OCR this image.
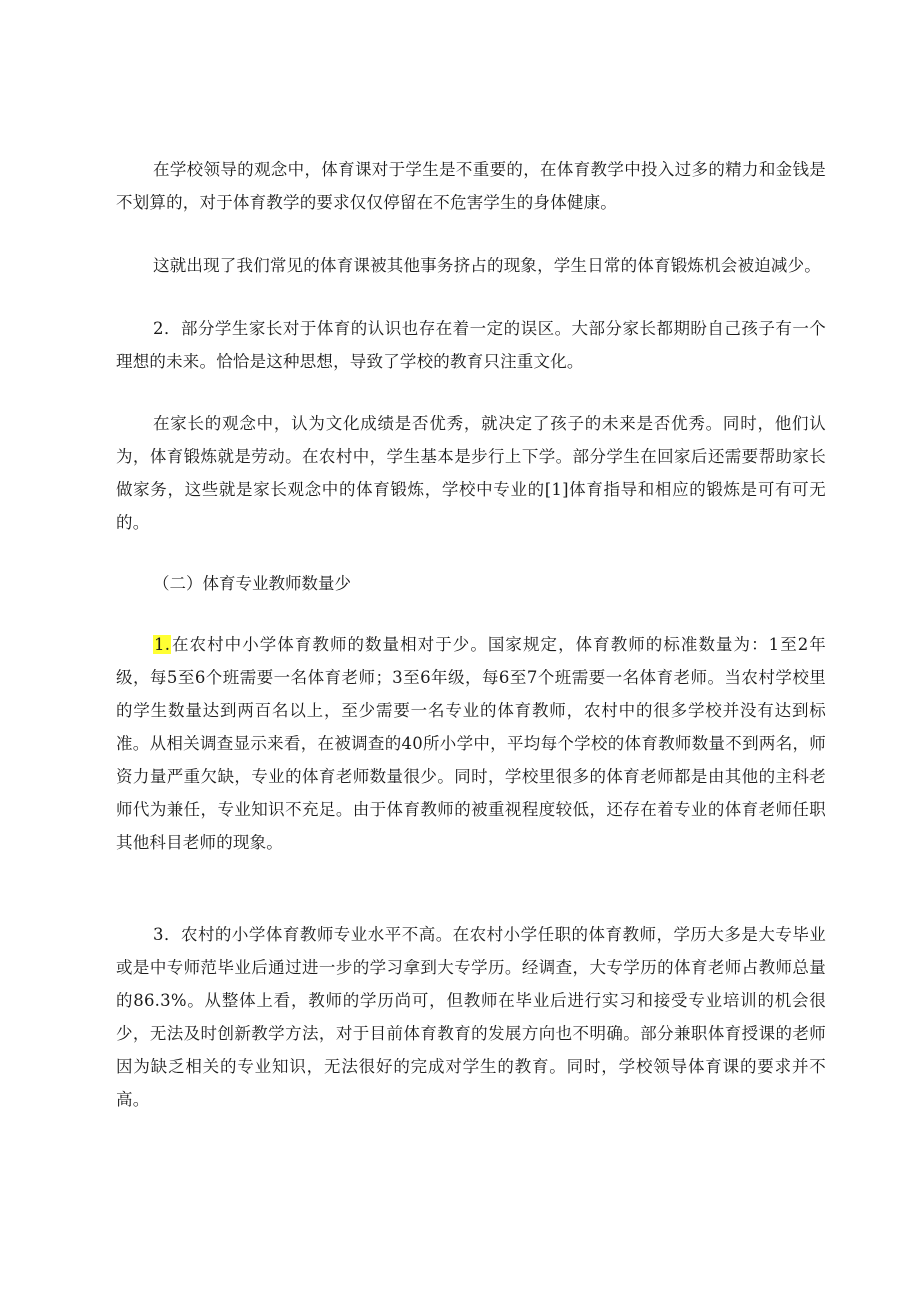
在学校领导的观念中，体育课对于学生是不重要的，在体育教学中投入过多的精力和金钱是不划算的，对于体育教学的要求仅仅停留在不危害学生的身体健康。

这就出现了我们常见的体育课被其他事务挤占的现象，学生日常的体育锻炼机会被迫减少。

2．部分学生家长对于体育的认识也存在着一定的误区。大部分家长都期盼自己孩子有一个理想的未来。恰恰是这种思想，导致了学校的教育只注重文化。

在家长的观念中，认为文化成绩是否优秀，就决定了孩子的未来是否优秀。同时，他们认为，体育锻炼就是劳动。在农村中，学生基本是步行上下学。部分学生在回家后还需要帮助家长做家务，这些就是家长观念中的体育锻炼，学校中专业的[1]体育指导和相应的锻炼是可有可无的。

（二）体育专业教师数量少

1.在农村中小学体育教师的数量相对于少。国家规定，体育教师的标准数量为：1至2年级，每5至6个班需要一名体育老师；3至6年级，每6至7个班需要一名体育老师。当农村学校里的学生数量达到两百名以上，至少需要一名专业的体育教师，农村中的很多学校并没有达到标准。从相关调查显示来看，在被调查的40所小学中，平均每个学校的体育教师数量不到两名，师资力量严重欠缺，专业的体育老师数量很少。同时，学校里很多的体育老师都是由其他的主科老师代为兼任，专业知识不充足。由于体育教师的被重视程度较低，还存在着专业的体育老师任职其他科目老师的现象。

3．农村的小学体育教师专业水平不高。在农村小学任职的体育教师，学历大多是大专毕业或是中专师范毕业后通过进一步的学习拿到大专学历。经调查，大专学历的体育老师占教师总量的86.3%。从整体上看，教师的学历尚可，但教师在毕业后进行实习和接受专业培训的机会很少，无法及时创新教学方法，对于目前体育教育的发展方向也不明确。部分兼职体育授课的老师因为缺乏相关的专业知识，无法很好的完成对学生的教育。同时，学校领导体育课的要求并不高。
